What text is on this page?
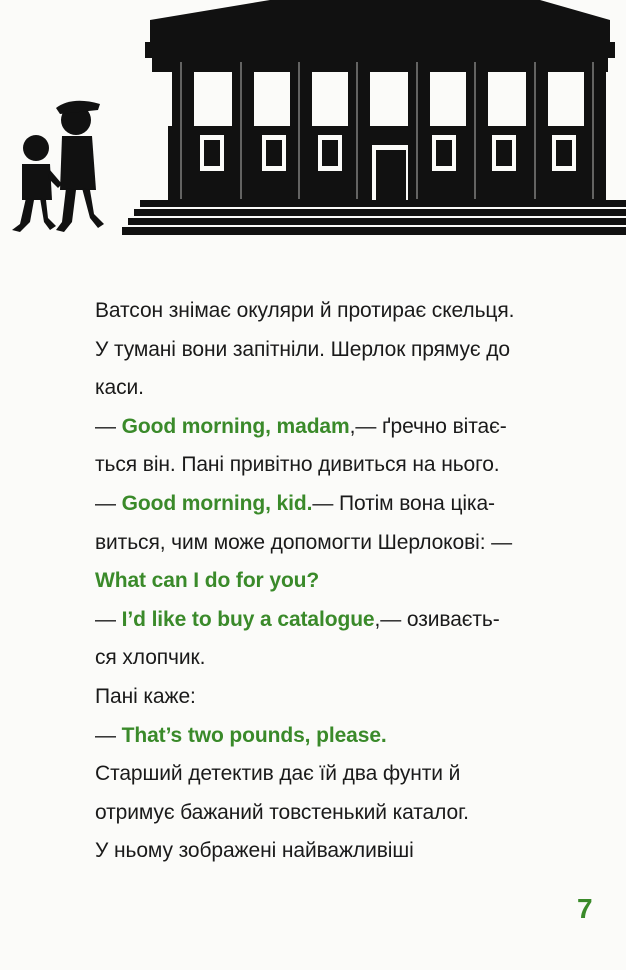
Ватсон знімає окуляри й протирає скельця.
У тумані вони запітніли. Шерлок прямує до
каси.
— Good morning, madam,— ґречно вітає-
ться він. Пані привітно дивиться на нього.
— Good morning, kid.— Потім вона ціка-
виться, чим може допомогти Шерлокові: —
What can I do for you?
— I’d like to buy a catalogue,— озиваєть-
ся хлопчик.
Пані каже:
— That’s two pounds, please.
Старший детектив дає їй два фунти й
отримує бажаний товстенький каталог.
У ньому зображені найважливіші
7
